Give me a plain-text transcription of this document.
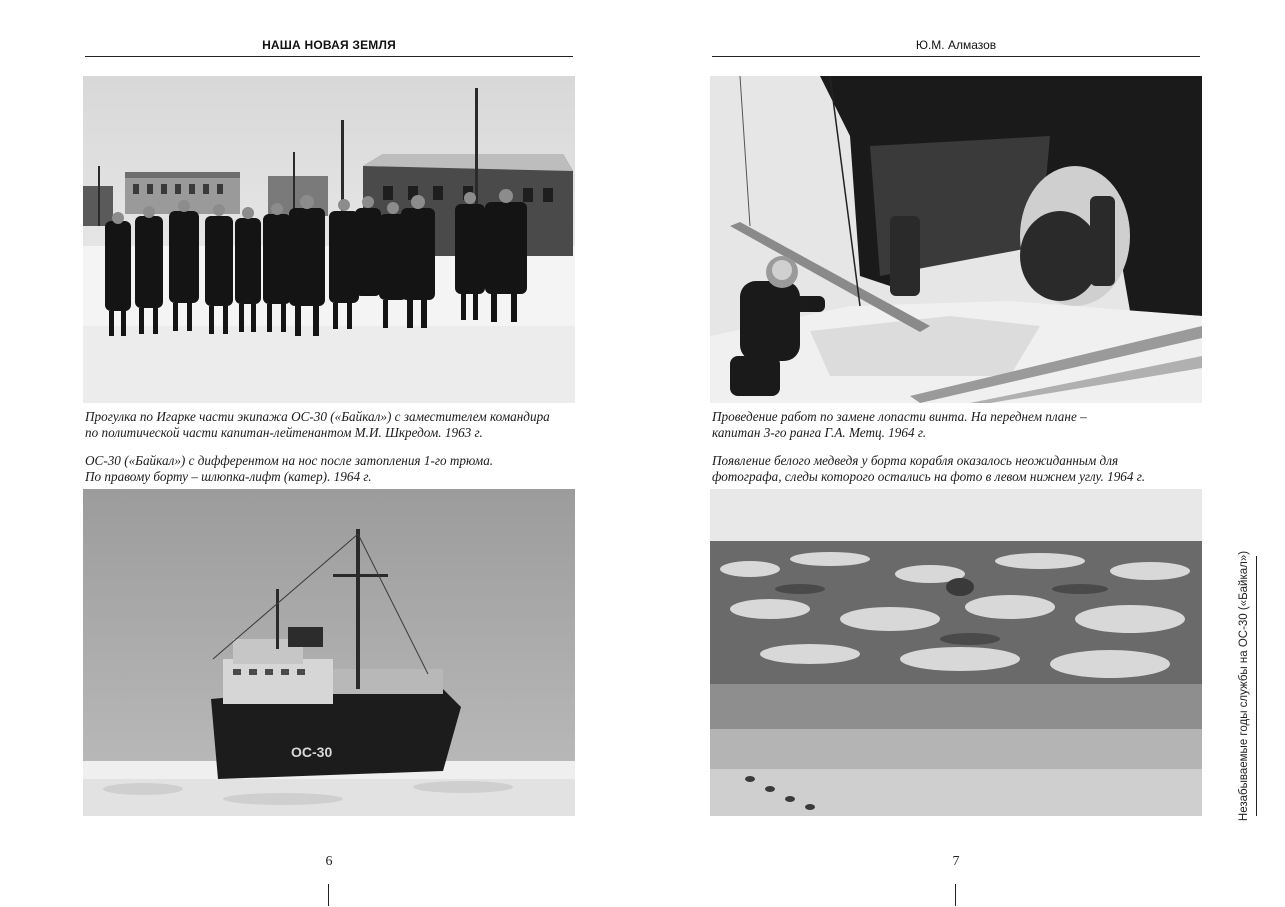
НАША НОВАЯ ЗЕМЛЯ
Прогулка по Игарке части экипажа ОС-30 («Байкал») с заместителем командира
по политической части капитан-лейтенантом М.И. Шкредом. 1963 г.
ОС-30 («Байкал») с дифферентом на нос после затопления 1-го трюма.
По правому борту – шлюпка-лифт (катер). 1964 г.
ОС-30
6
Ю.М. Алмазов
Проведение работ по замене лопасти винта. На переднем плане –
капитан 3-го ранга Г.А. Метц. 1964 г.
Появление белого медведя у борта корабля оказалось неожиданным для
фотографа, следы которого остались на фото в левом нижнем углу. 1964 г.
7
Незабываемые годы службы на ОС-30 («Байкал»)
